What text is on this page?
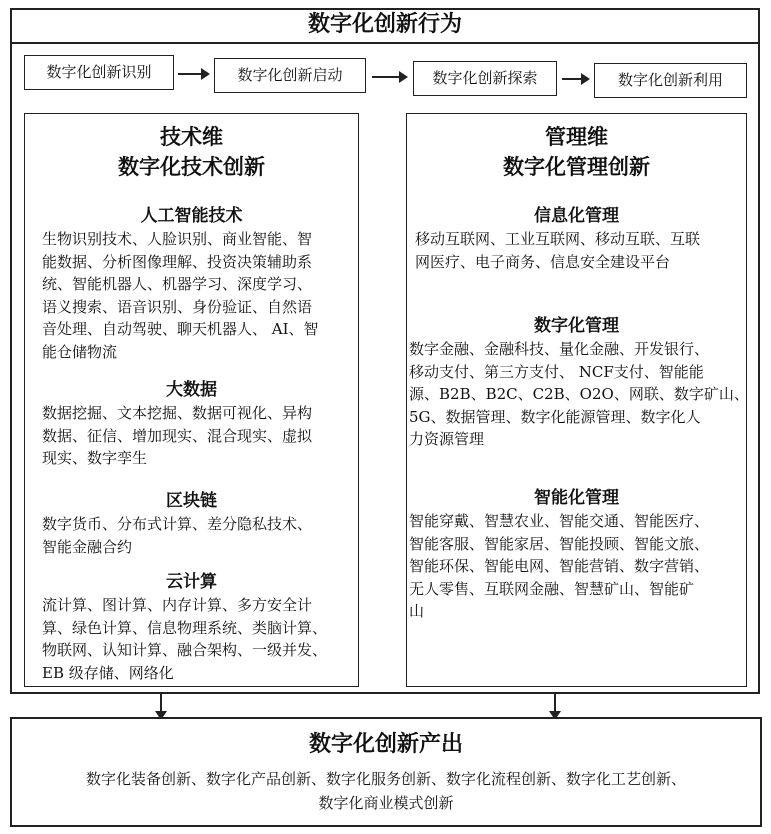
数字化创新行为
数字化创新识别	数字化创新启动	数字化创新探索	数字化创新利用
技术维
数字化技术创新
人工智能技术
生物识别技术、人脸识别、商业智能、智
能数据、分析图像理解、投资决策辅助系
统、智能机器人、机器学习、深度学习、
语义搜索、语音识别、身份验证、自然语
音处理、自动驾驶、聊天机器人、 AI、智
能仓储物流
大数据
数据挖掘、文本挖掘、数据可视化、异构
数据、征信、增加现实、混合现实、虚拟
现实、数字孪生
区块链
数字货币、分布式计算、差分隐私技术、
智能金融合约
云计算
流计算、图计算、内存计算、多方安全计
算、绿色计算、信息物理系统、类脑计算、
物联网、认知计算、融合架构、一级并发、
EB 级存储、网络化
管理维
数字化管理创新
信息化管理
移动互联网、工业互联网、移动互联、互联
网医疗、电子商务、信息安全建设平台
数字化管理
数字金融、金融科技、量化金融、开发银行、
移动支付、第三方支付、 NCF支付、智能能
源、B2B、B2C、C2B、O2O、网联、数字矿山、
5G、数据管理、数字化能源管理、数字化人
力资源管理
智能化管理
智能穿戴、智慧农业、智能交通、智能医疗、
智能客服、智能家居、智能投顾、智能文旅、
智能环保、智能电网、智能营销、数字营销、
无人零售、互联网金融、智慧矿山、智能矿
山
数字化创新产出
数字化装备创新、数字化产品创新、数字化服务创新、数字化流程创新、数字化工艺创新、
数字化商业模式创新
